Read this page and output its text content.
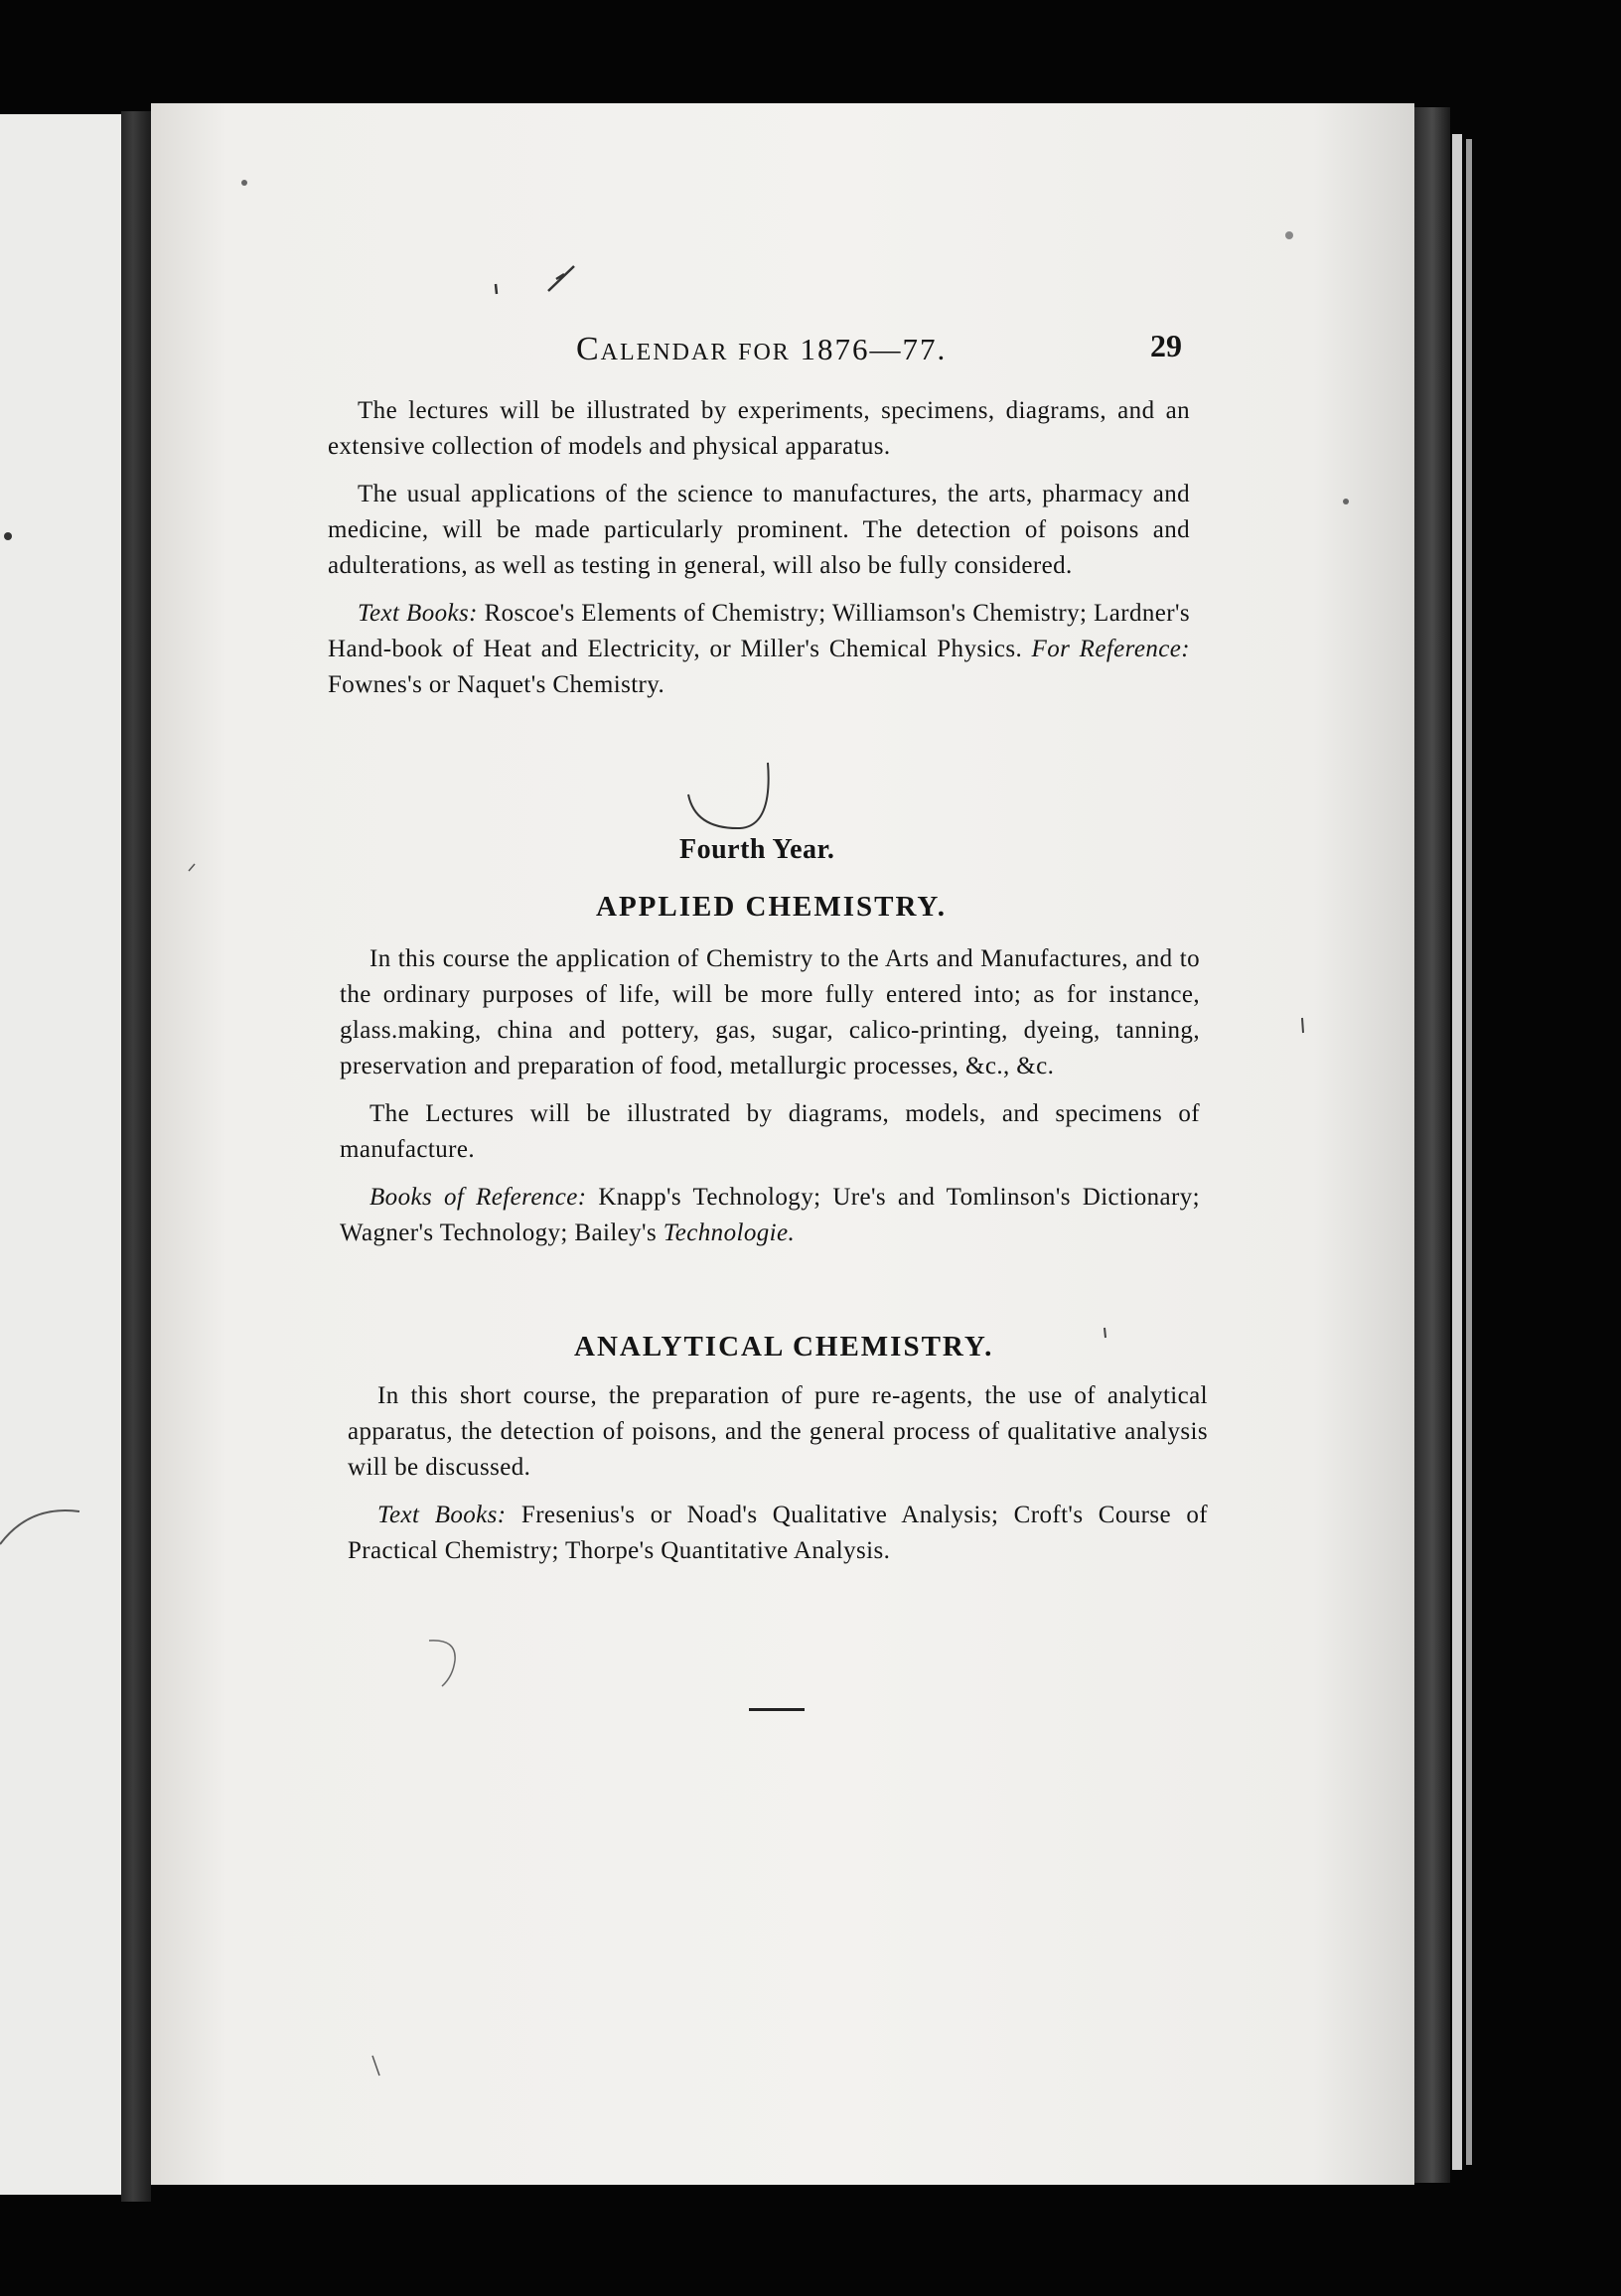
Calendar for 1876—77.	29

The lectures will be illustrated by experiments, specimens, diagrams, and an extensive collection of models and physical apparatus.

The usual applications of the science to manufactures, the arts, pharmacy and medicine, will be made particularly prominent. The detection of poisons and adulterations, as well as testing in general, will also be fully considered.

Text Books: Roscoe's Elements of Chemistry; Williamson's Chemistry; Lardner's Hand-book of Heat and Electricity, or Miller's Chemical Physics. For Reference: Fownes's or Naquet's Chemistry.

Fourth Year.
APPLIED CHEMISTRY.

In this course the application of Chemistry to the Arts and Manufactures, and to the ordinary purposes of life, will be more fully entered into; as for instance, glass.making, china and pottery, gas, sugar, calico-printing, dyeing, tanning, preservation and preparation of food, metallurgic processes, &c., &c.

The Lectures will be illustrated by diagrams, models, and specimens of manufacture.

Books of Reference: Knapp's Technology; Ure's and Tomlinson's Dictionary; Wagner's Technology; Bailey's Technologie.

ANALYTICAL CHEMISTRY.

In this short course, the preparation of pure re-agents, the use of analytical apparatus, the detection of poisons, and the general process of qualitative analysis will be discussed.

Text Books: Fresenius's or Noad's Qualitative Analysis; Croft's Course of Practical Chemistry; Thorpe's Quantitative Analysis.
